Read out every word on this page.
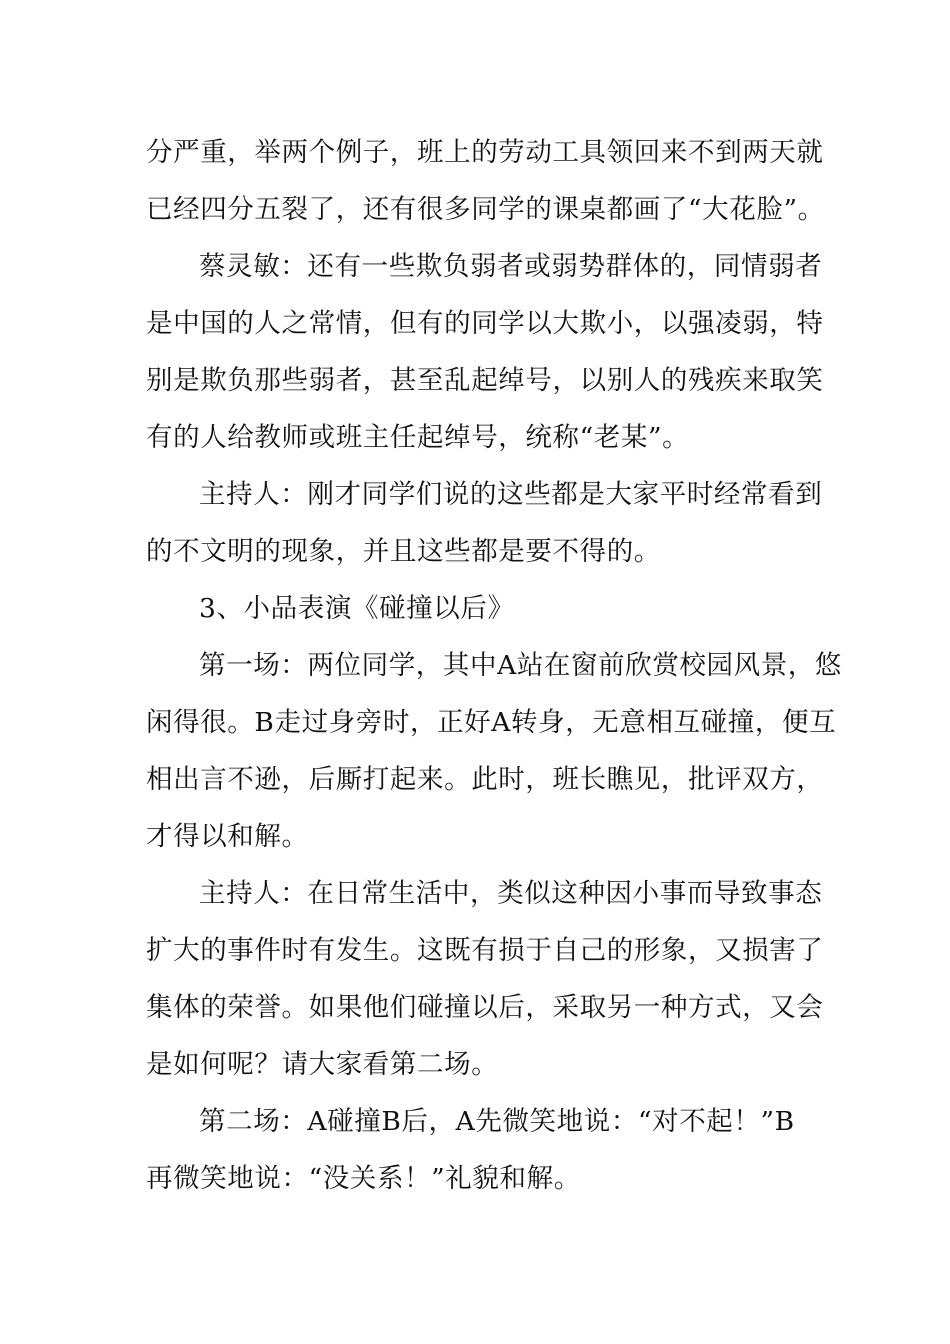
分严重，举两个例子，班上的劳动工具领回来不到两天就
已经四分五裂了，还有很多同学的课桌都画了“大花脸”。
蔡灵敏：还有一些欺负弱者或弱势群体的，同情弱者
是中国的人之常情，但有的同学以大欺小，以强凌弱，特
别是欺负那些弱者，甚至乱起绰号，以别人的残疾来取笑
有的人给教师或班主任起绰号，统称“老某”。
主持人：刚才同学们说的这些都是大家平时经常看到
的不文明的现象，并且这些都是要不得的。
3、小品表演《碰撞以后》
第一场：两位同学，其中A站在窗前欣赏校园风景，悠
闲得很。B走过身旁时，正好A转身，无意相互碰撞，便互
相出言不逊，后厮打起来。此时，班长瞧见，批评双方，
才得以和解。
主持人：在日常生活中，类似这种因小事而导致事态
扩大的事件时有发生。这既有损于自己的形象，又损害了
集体的荣誉。如果他们碰撞以后，采取另一种方式，又会
是如何呢？请大家看第二场。
第二场：A碰撞B后，A先微笑地说：“对不起！”B
再微笑地说：“没关系！”礼貌和解。
